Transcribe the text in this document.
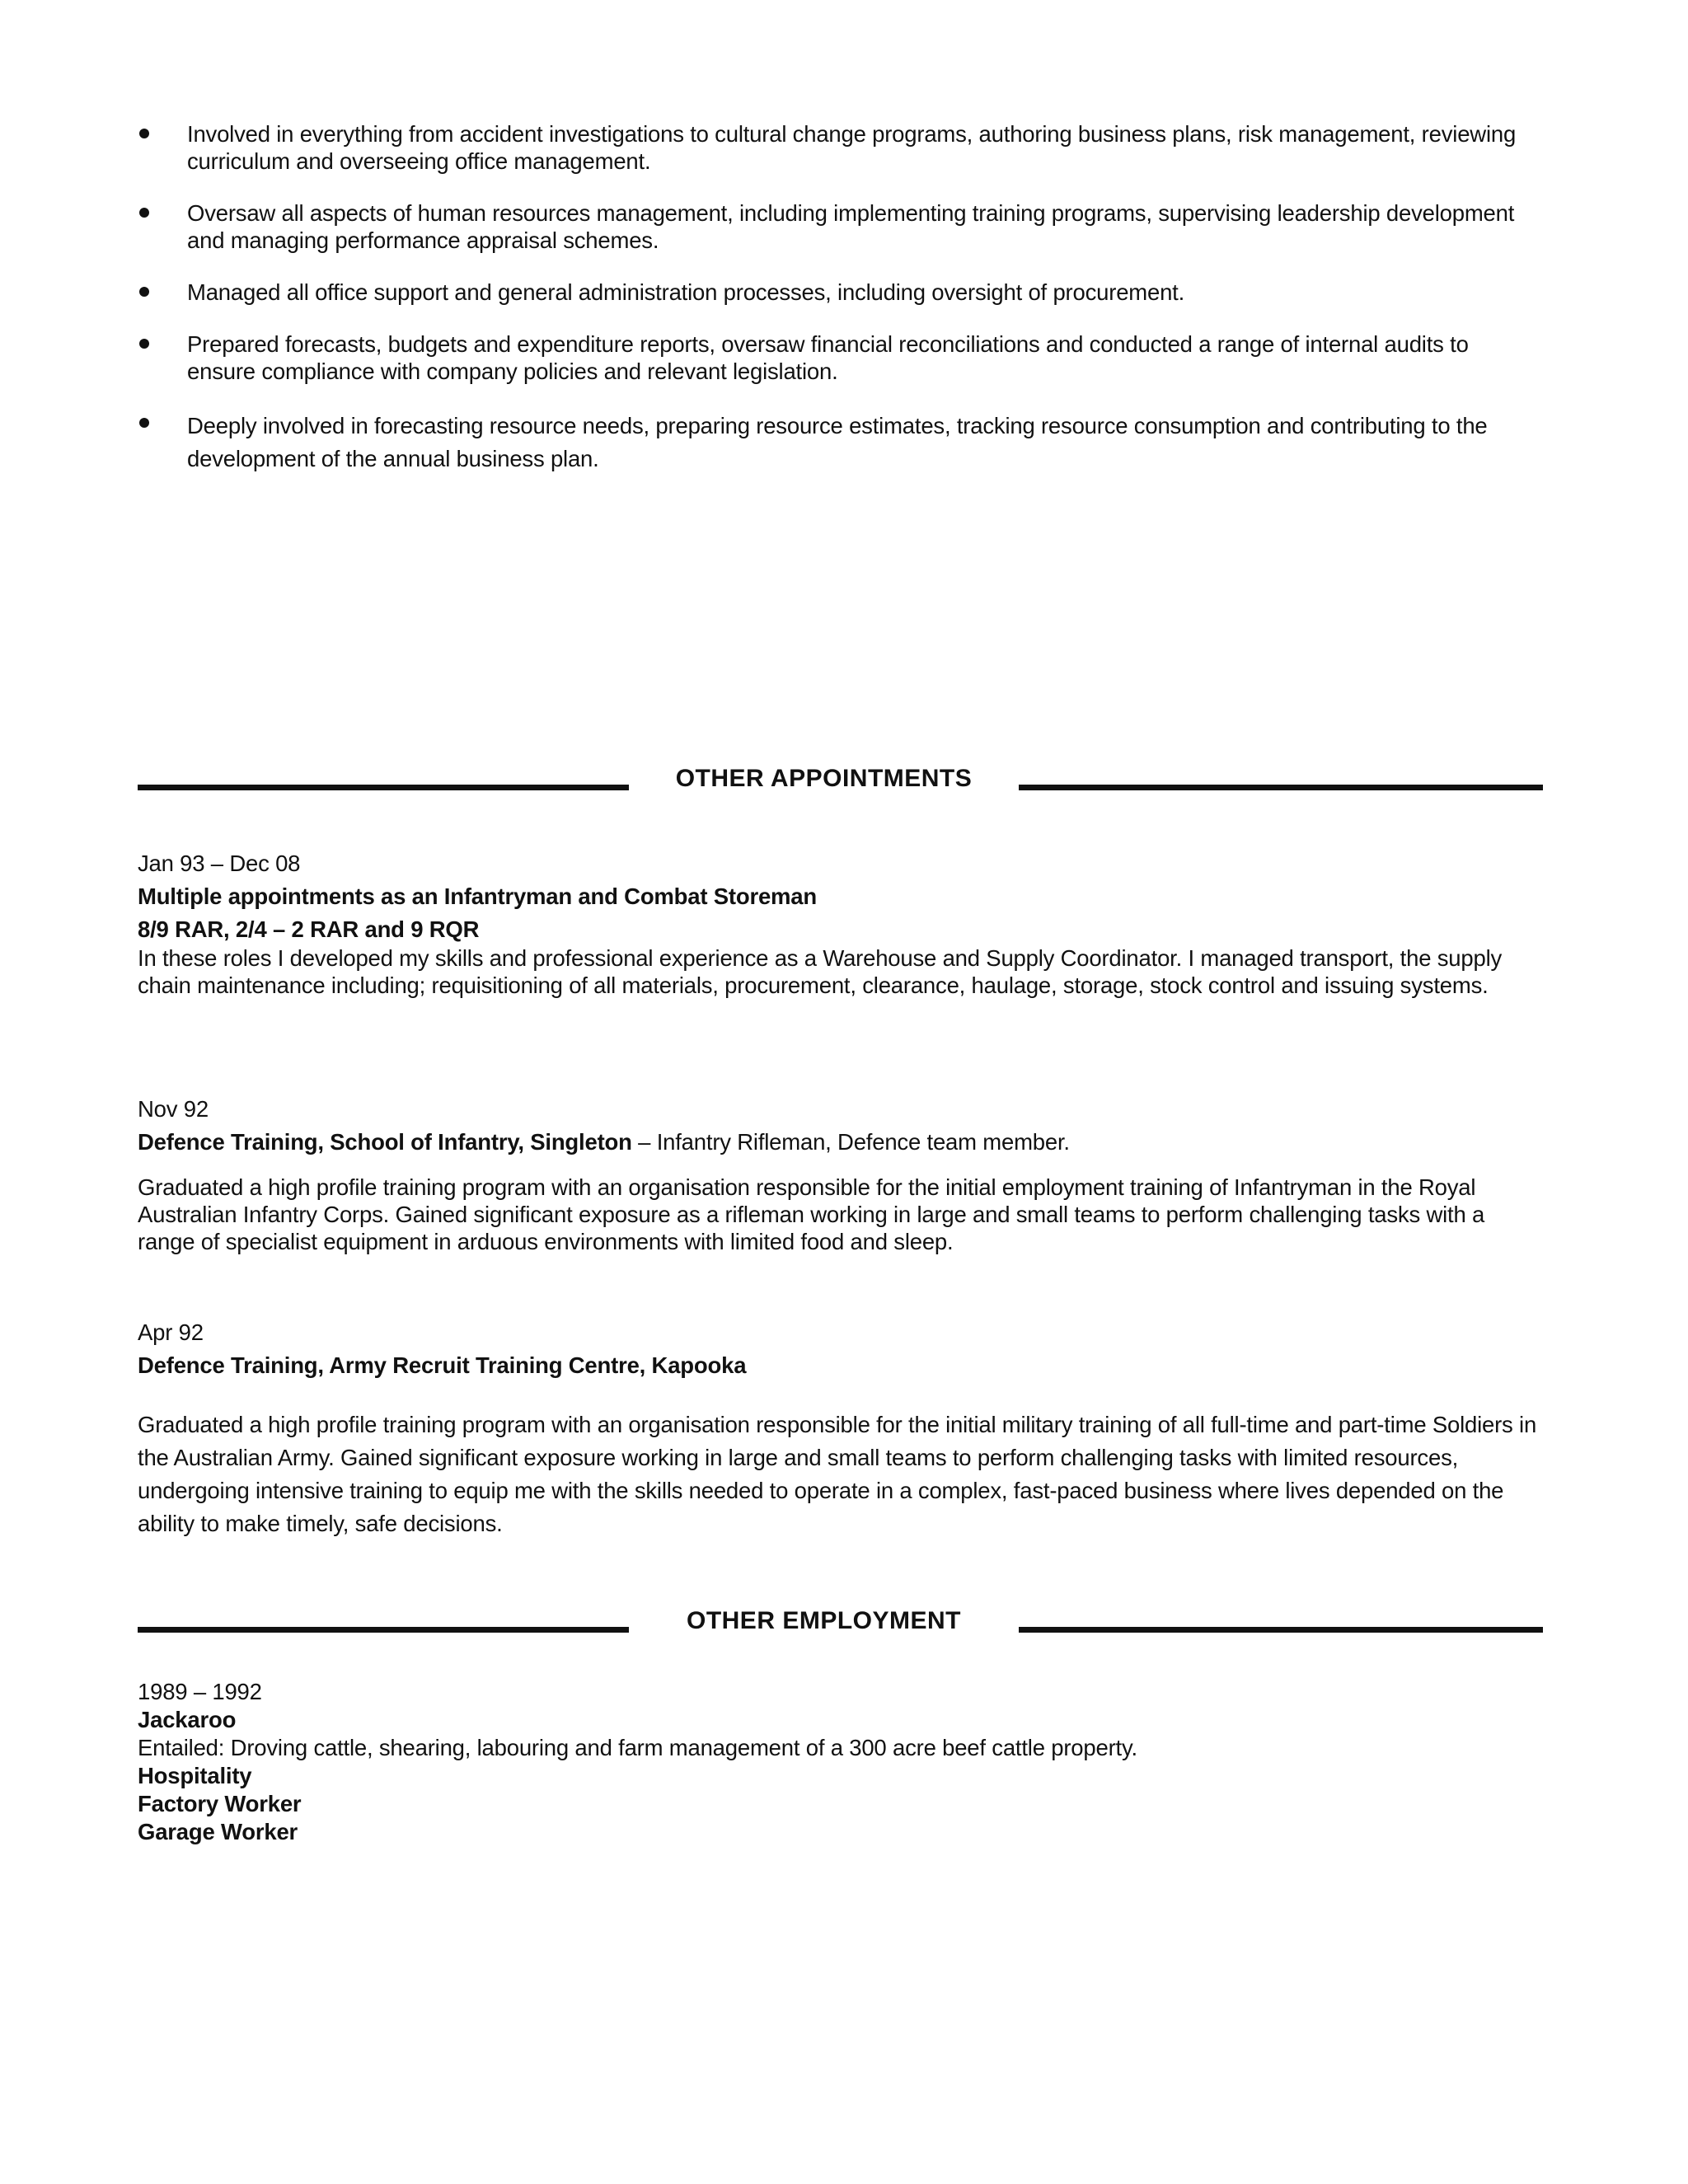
Involved in everything from accident investigations to cultural change programs, authoring business plans, risk management, reviewing curriculum and overseeing office management.
Oversaw all aspects of human resources management, including implementing training programs, supervising leadership development and managing performance appraisal schemes.
Managed all office support and general administration processes, including oversight of procurement.
Prepared forecasts, budgets and expenditure reports, oversaw financial reconciliations and conducted a range of internal audits to ensure compliance with company policies and relevant legislation.
Deeply involved in forecasting resource needs, preparing resource estimates, tracking resource consumption and contributing to the development of the annual business plan.
OTHER APPOINTMENTS
Jan 93 – Dec 08
Multiple appointments as an Infantryman and Combat Storeman
8/9 RAR, 2/4 – 2 RAR and 9 RQR
In these roles I developed my skills and professional experience as a Warehouse and Supply Coordinator. I managed transport, the supply chain maintenance including; requisitioning of all materials, procurement, clearance, haulage, storage, stock control and issuing systems.
Nov 92
Defence Training, School of Infantry, Singleton – Infantry Rifleman, Defence team member.
Graduated a high profile training program with an organisation responsible for the initial employment training of Infantryman in the Royal Australian Infantry Corps. Gained significant exposure as a rifleman working in large and small teams to perform challenging tasks with a range of specialist equipment in arduous environments with limited food and sleep.
Apr 92
Defence Training, Army Recruit Training Centre, Kapooka
Graduated a high profile training program with an organisation responsible for the initial military training of all full-time and part-time Soldiers in the Australian Army. Gained significant exposure working in large and small teams to perform challenging tasks with limited resources, undergoing intensive training to equip me with the skills needed to operate in a complex, fast-paced business where lives depended on the ability to make timely, safe decisions.
OTHER EMPLOYMENT
1989 – 1992
Jackaroo
Entailed: Droving cattle, shearing, labouring and farm management of a 300 acre beef cattle property.
Hospitality
Factory Worker
Garage Worker
